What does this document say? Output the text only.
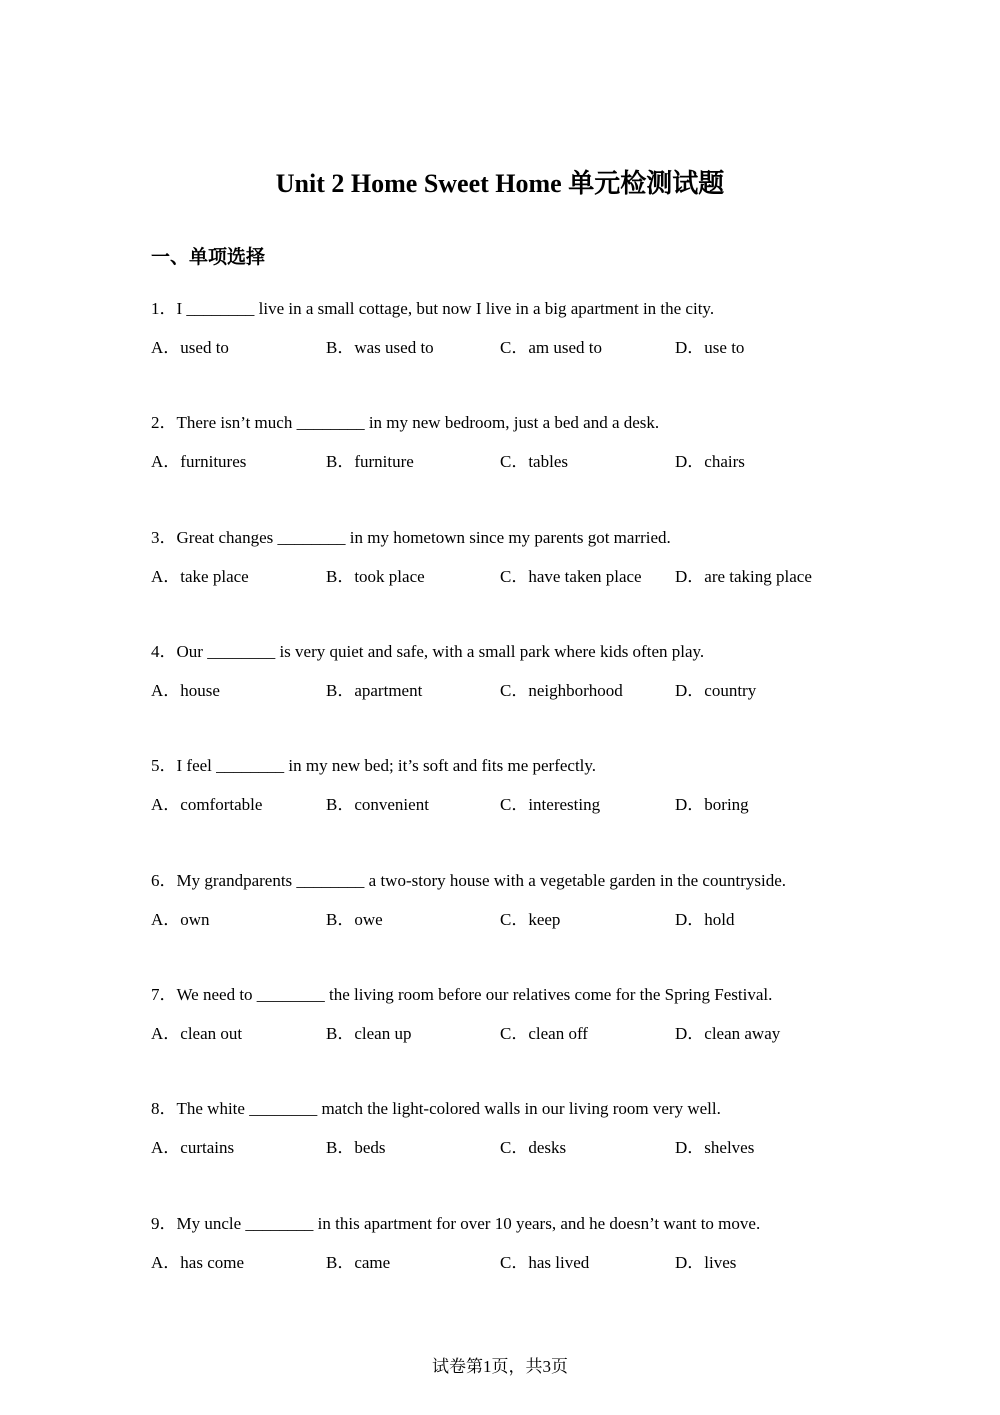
Unit 2 Home Sweet Home 单元检测试题
一、单项选择
1．I ________ live in a small cottage, but now I live in a big apartment in the city.
A．used to	B．was used to	C．am used to	D．use to
2．There isn’t much ________ in my new bedroom, just a bed and a desk.
A．furnitures	B．furniture	C．tables	D．chairs
3．Great changes ________ in my hometown since my parents got married.
A．take place	B．took place	C．have taken place D．are taking place
4．Our ________ is very quiet and safe, with a small park where kids often play.
A．house	B．apartment	C．neighborhood	D．country
5．I feel ________ in my new bed; it’s soft and fits me perfectly.
A．comfortable	B．convenient	C．interesting	D．boring
6．My grandparents ________ a two-story house with a vegetable garden in the countryside.
A．own	B．owe	C．keep	D．hold
7．We need to ________ the living room before our relatives come for the Spring Festival.
A．clean out	B．clean up	C．clean off	D．clean away
8．The white ________ match the light-colored walls in our living room very well.
A．curtains	B．beds	C．desks	D．shelves
9．My uncle ________ in this apartment for over 10 years, and he doesn’t want to move.
A．has come	B．came	C．has lived	D．lives
试卷第1页，共3页
